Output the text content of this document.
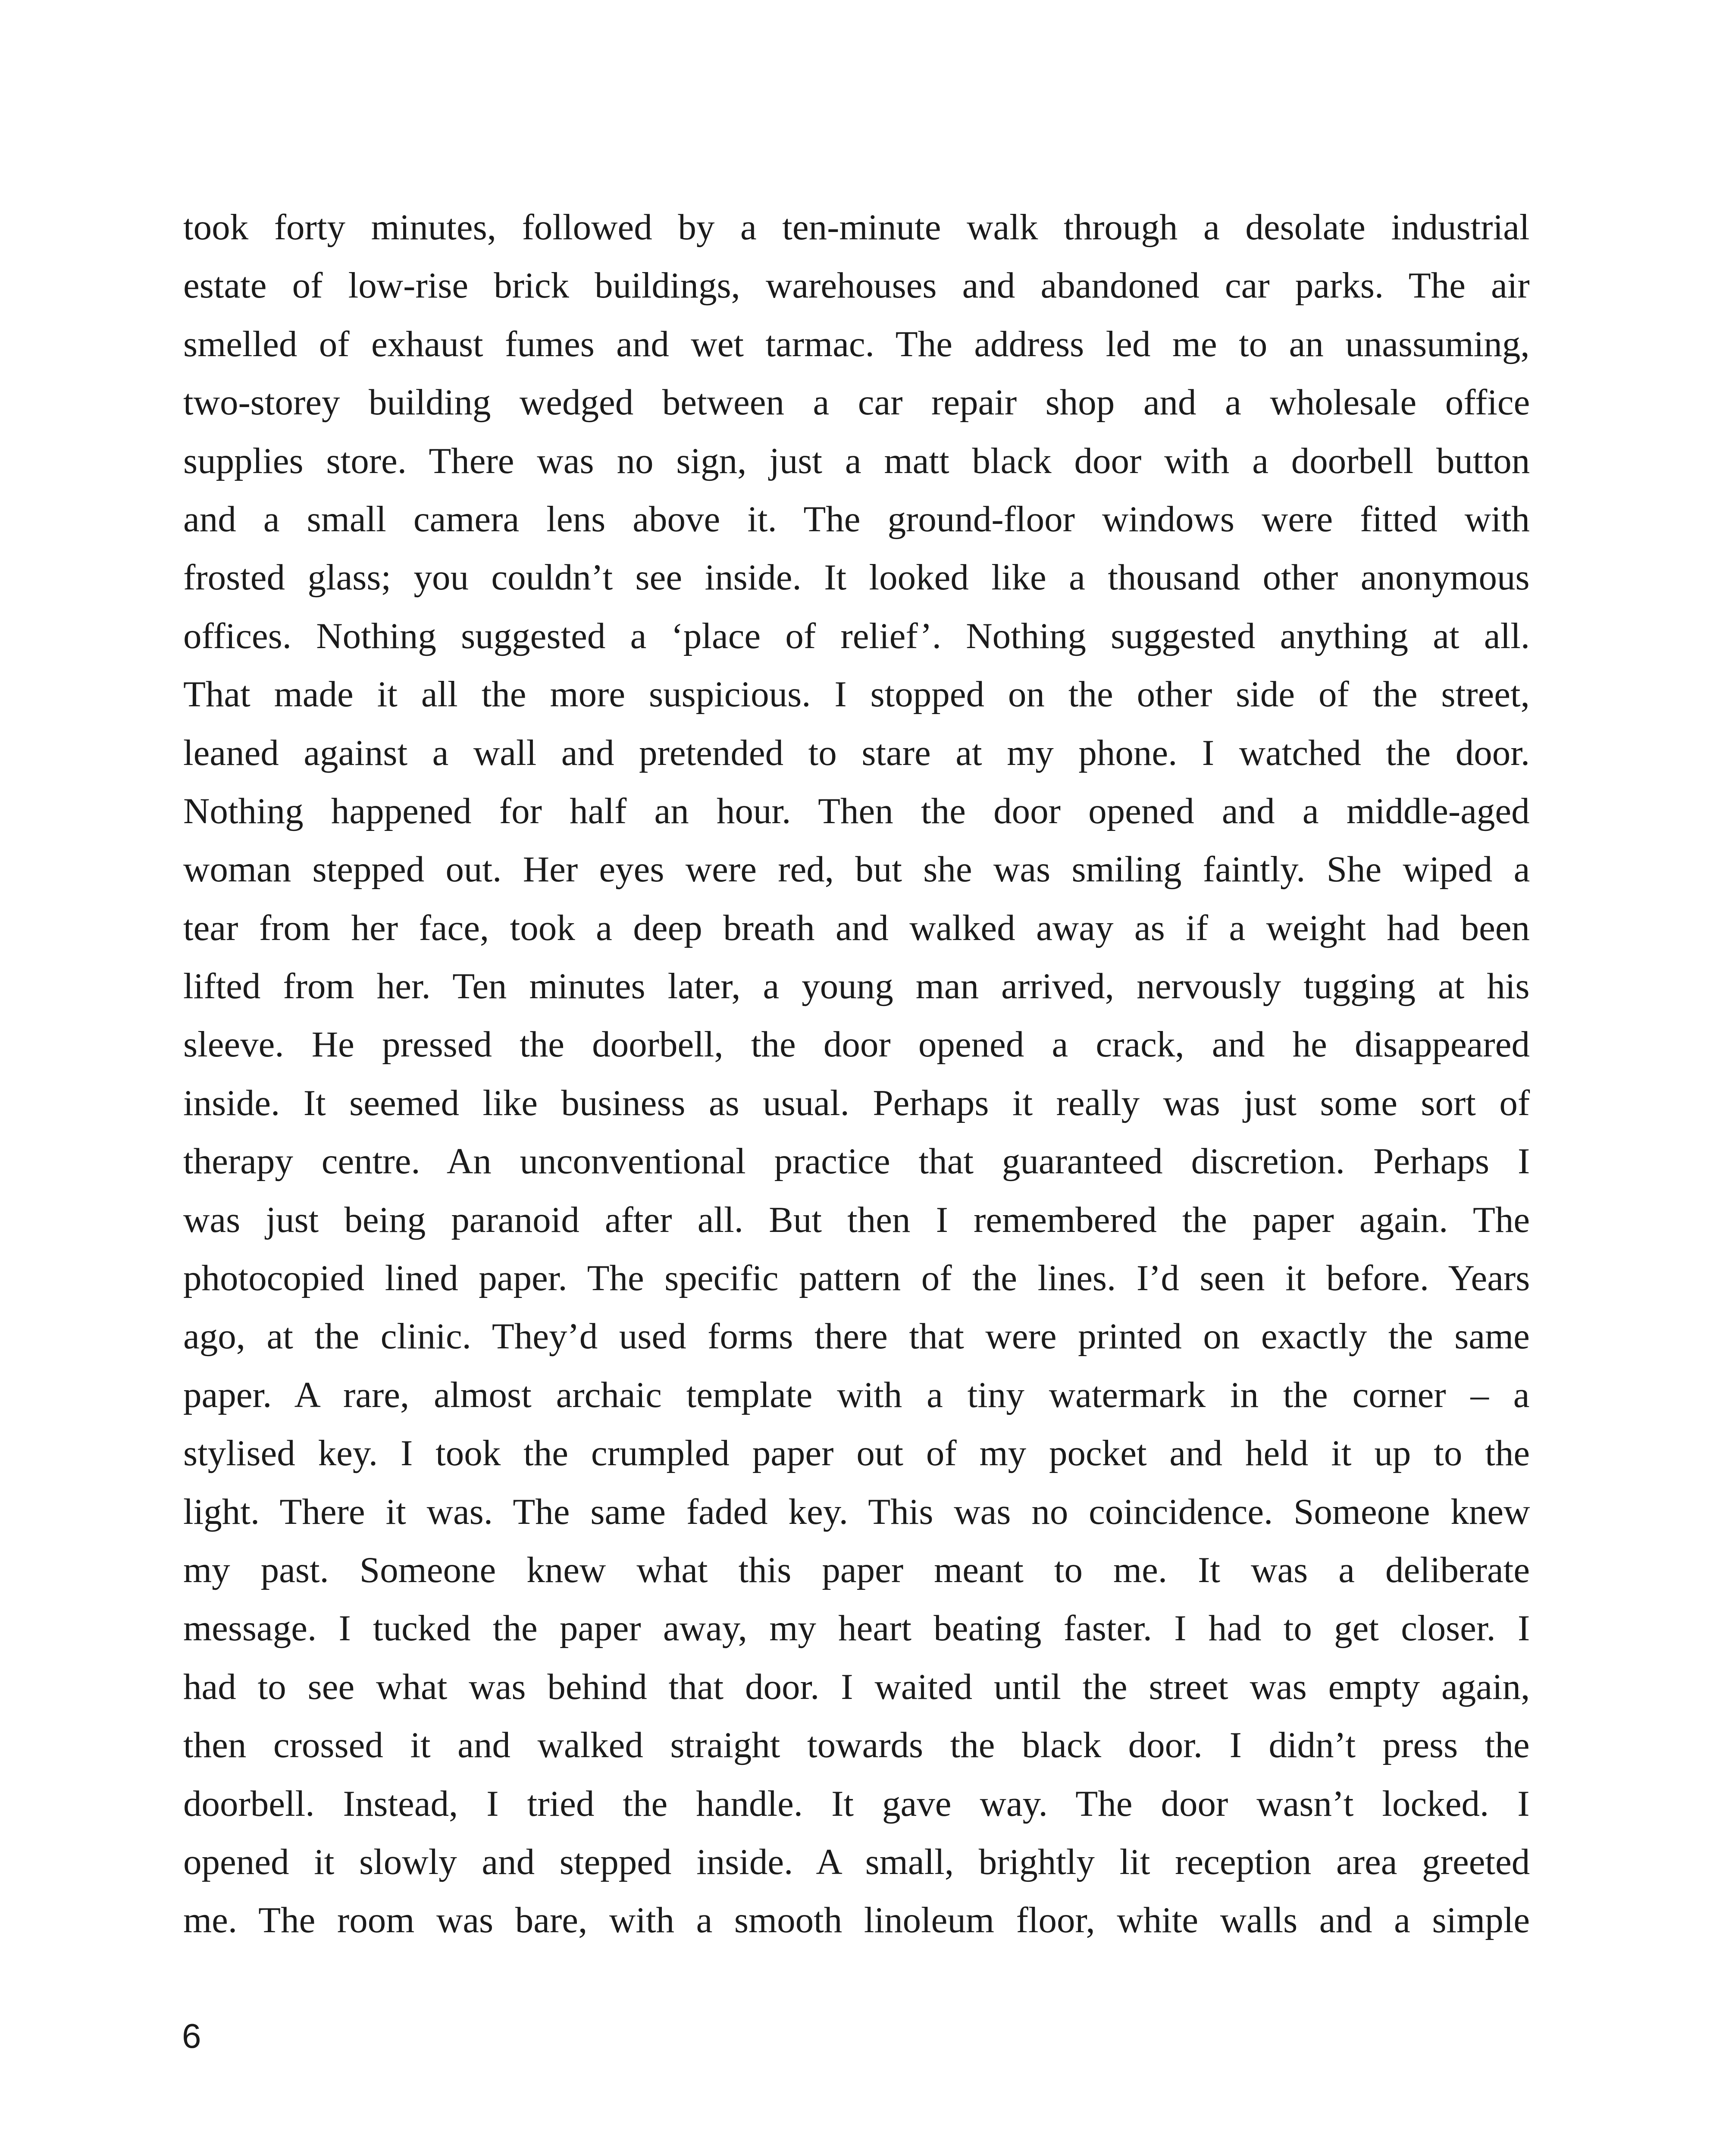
took forty minutes, followed by a ten-minute walk through a desolate industrial
estate of low-rise brick buildings, warehouses and abandoned car parks. The air
smelled of exhaust fumes and wet tarmac. The address led me to an unassuming,
two-storey building wedged between a car repair shop and a wholesale office
supplies store. There was no sign, just a matt black door with a doorbell button
and a small camera lens above it. The ground-floor windows were fitted with
frosted glass; you couldn’t see inside. It looked like a thousand other anonymous
offices. Nothing suggested a ‘place of relief’. Nothing suggested anything at all.
That made it all the more suspicious. I stopped on the other side of the street,
leaned against a wall and pretended to stare at my phone. I watched the door.
Nothing happened for half an hour. Then the door opened and a middle-aged
woman stepped out. Her eyes were red, but she was smiling faintly. She wiped a
tear from her face, took a deep breath and walked away as if a weight had been
lifted from her. Ten minutes later, a young man arrived, nervously tugging at his
sleeve. He pressed the doorbell, the door opened a crack, and he disappeared
inside. It seemed like business as usual. Perhaps it really was just some sort of
therapy centre. An unconventional practice that guaranteed discretion. Perhaps I
was just being paranoid after all. But then I remembered the paper again. The
photocopied lined paper. The specific pattern of the lines. I’d seen it before. Years
ago, at the clinic. They’d used forms there that were printed on exactly the same
paper. A rare, almost archaic template with a tiny watermark in the corner – a
stylised key. I took the crumpled paper out of my pocket and held it up to the
light. There it was. The same faded key. This was no coincidence. Someone knew
my past. Someone knew what this paper meant to me. It was a deliberate
message. I tucked the paper away, my heart beating faster. I had to get closer. I
had to see what was behind that door. I waited until the street was empty again,
then crossed it and walked straight towards the black door. I didn’t press the
doorbell. Instead, I tried the handle. It gave way. The door wasn’t locked. I
opened it slowly and stepped inside. A small, brightly lit reception area greeted
me. The room was bare, with a smooth linoleum floor, white walls and a simple
6
